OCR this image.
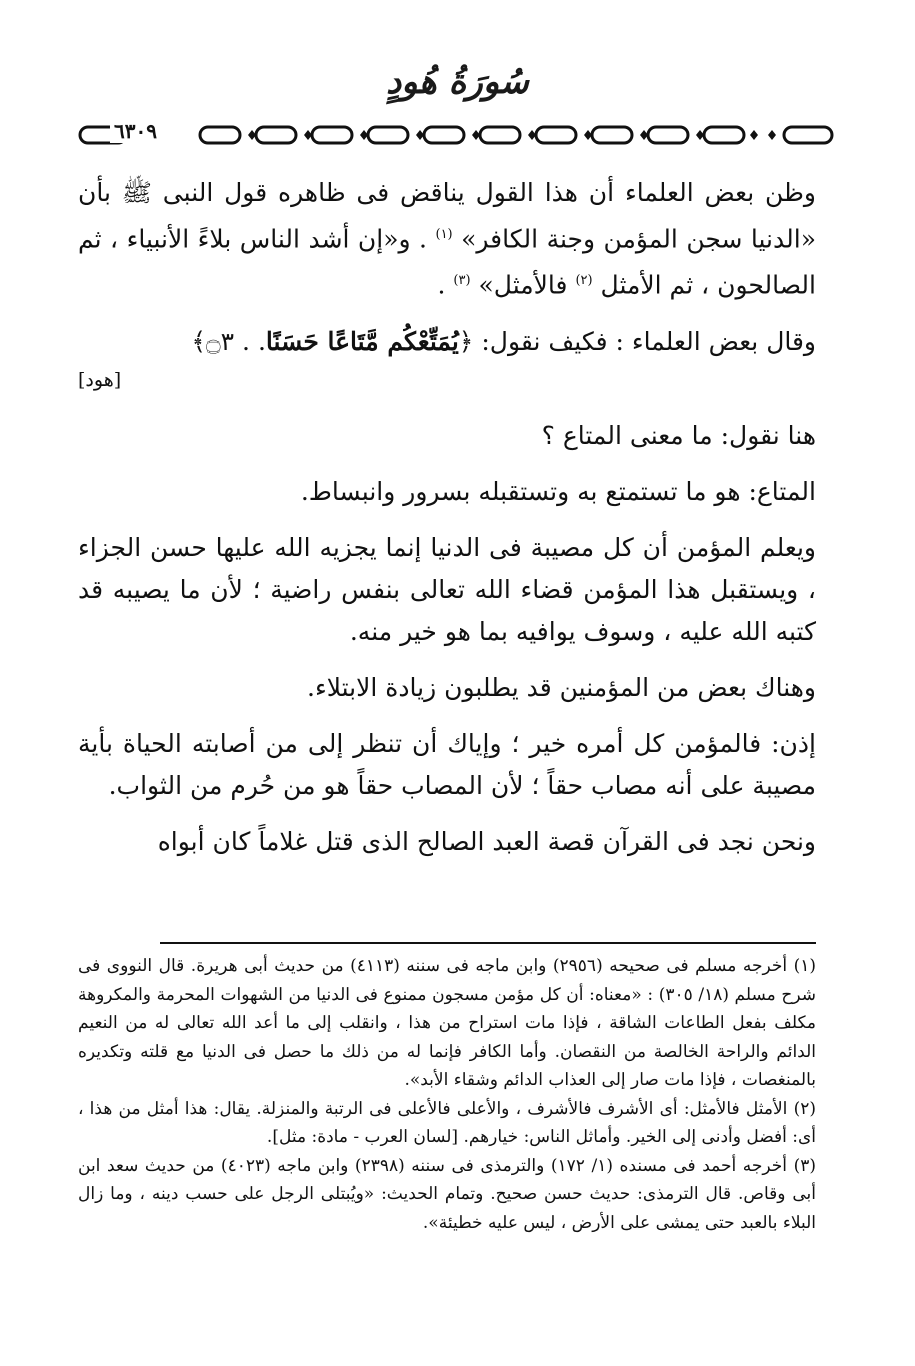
سُورَةُ هُودٍ
٦٣٠٩

وظن بعض العلماء أن هذا القول يناقض فى ظاهره قول النبى ﷺ بأن «الدنيا سجن المؤمن وجنة الكافر» $^{(١)}$ . و«إن أشد الناس بلاءً الأنبياء ، ثم الصالحون ، ثم الأمثل $^{(٢)}$ فالأمثل» $^{(٣)}$ .

وقال بعض العلماء : فكيف نقول: ﴿يُمَتِّعْكُم مَّتَاعًا حَسَنًا. . ۝٣﴾
[هود]

هنا نقول: ما معنى المتاع ؟

المتاع: هو ما تستمتع به وتستقبله بسرور وانبساط.

ويعلم المؤمن أن كل مصيبة فى الدنيا إنما يجزيه الله عليها حسن الجزاء ، ويستقبل هذا المؤمن قضاء الله تعالى بنفس راضية ؛ لأن ما يصيبه قد كتبه الله عليه ، وسوف يوافيه بما هو خير منه.

وهناك بعض من المؤمنين قد يطلبون زيادة الابتلاء.

إذن: فالمؤمن كل أمره خير ؛ وإياك أن تنظر إلى من أصابته الحياة بأية مصيبة على أنه مصاب حقاً ؛ لأن المصاب حقاً هو من حُرم من الثواب.

ونحن نجد فى القرآن قصة العبد الصالح الذى قتل غلاماً كان أبواه

(١) أخرجه مسلم فى صحيحه (٢٩٥٦) وابن ماجه فى سننه (٤١١٣) من حديث أبى هريرة. قال النووى فى شرح مسلم (١٨/ ٣٠٥) : «معناه: أن كل مؤمن مسجون ممنوع فى الدنيا من الشهوات المحرمة والمكروهة مكلف بفعل الطاعات الشاقة ، فإذا مات استراح من هذا ، وانقلب إلى ما أعد الله تعالى له من النعيم الدائم والراحة الخالصة من النقصان. وأما الكافر فإنما له من ذلك ما حصل فى الدنيا مع قلته وتكديره بالمنغصات ، فإذا مات صار إلى العذاب الدائم وشقاء الأبد».

(٢) الأمثل فالأمثل: أى الأشرف فالأشرف ، والأعلى فالأعلى فى الرتبة والمنزلة. يقال: هذا أمثل من هذا ، أى: أفضل وأدنى إلى الخير. وأماثل الناس: خيارهم. [لسان العرب - مادة: مثل].

(٣) أخرجه أحمد فى مسنده (١/ ١٧٢) والترمذى فى سننه (٢٣٩٨) وابن ماجه (٤٠٢٣) من حديث سعد ابن أبى وقاص. قال الترمذى: حديث حسن صحيح. وتمام الحديث: «ويُبتلى الرجل على حسب دينه ، وما زال البلاء بالعبد حتى يمشى على الأرض ، ليس عليه خطيئة».
